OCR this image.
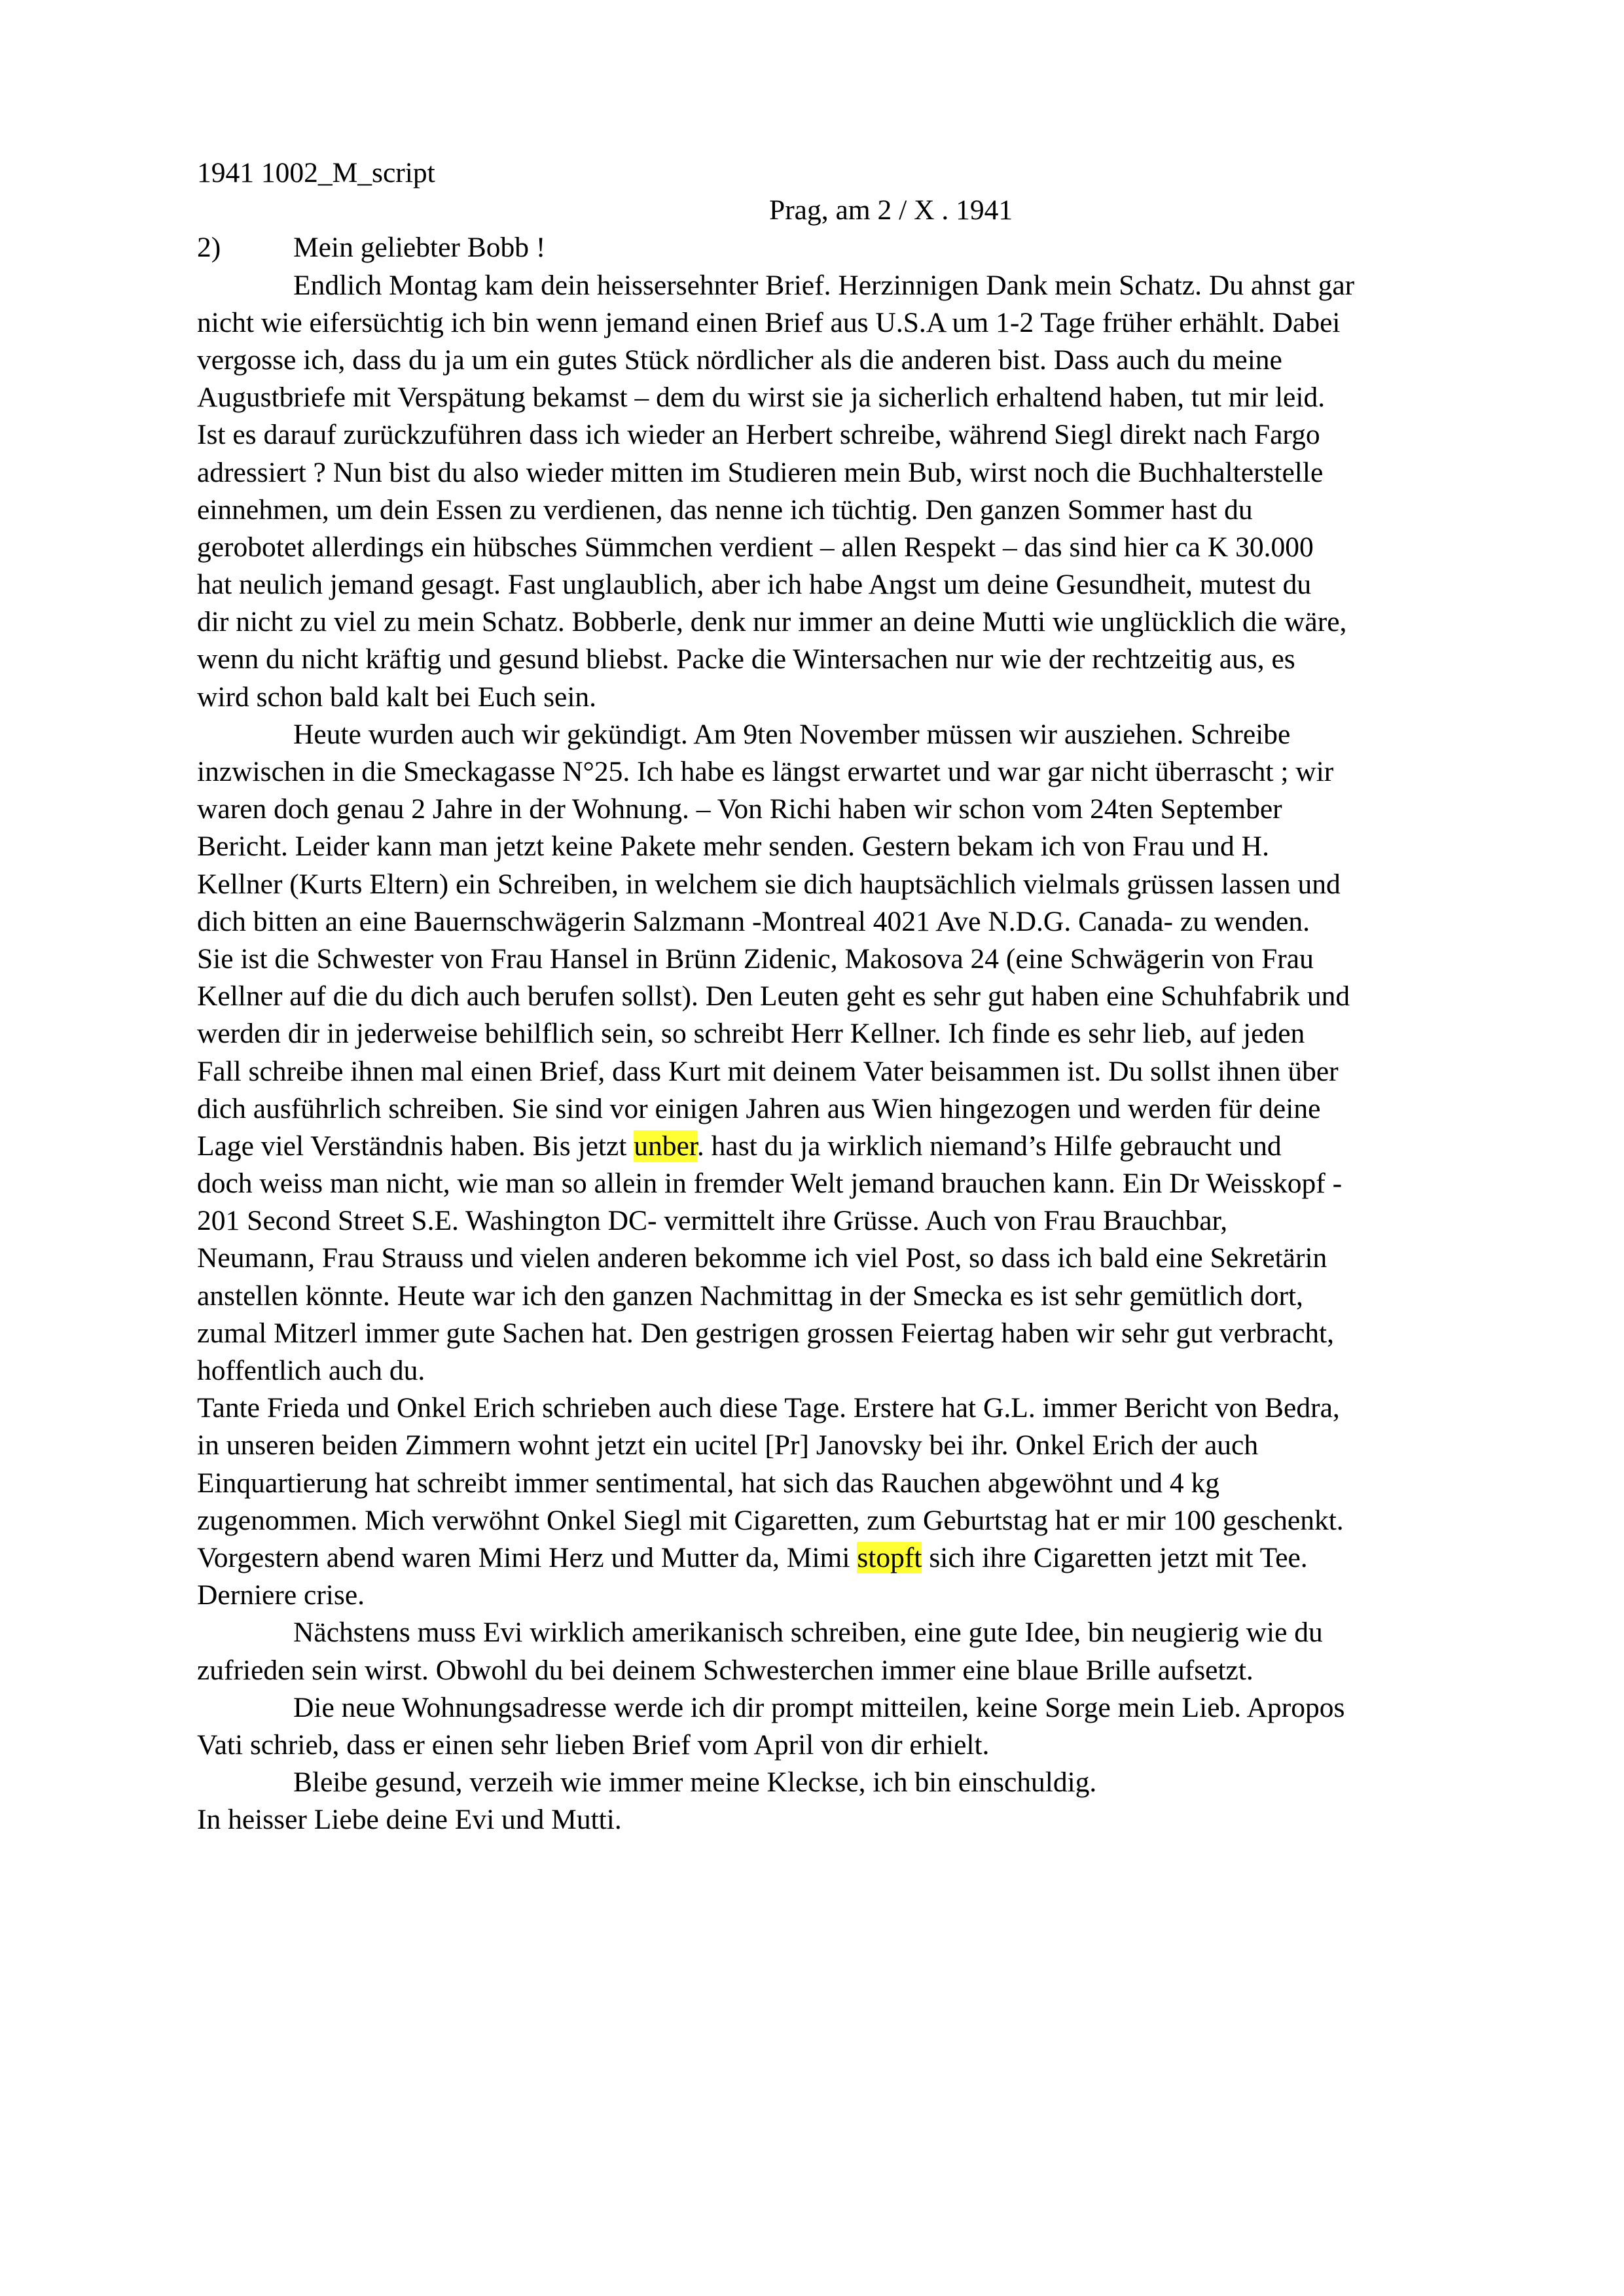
1941 1002_M_script
Prag, am 2 / X . 1941
2)	Mein geliebter Bobb !
Endlich Montag kam dein heissersehnter Brief. Herzinnigen Dank mein Schatz. Du ahnst gar
nicht wie eifersüchtig ich bin wenn jemand einen Brief aus U.S.A um 1-2 Tage früher erhählt. Dabei
vergosse ich, dass du ja um ein gutes Stück nördlicher als die anderen bist. Dass auch du meine
Augustbriefe mit Verspätung bekamst – dem du wirst sie ja sicherlich erhaltend haben, tut mir leid.
Ist es darauf zurückzuführen dass ich wieder an Herbert schreibe, während Siegl direkt nach Fargo
adressiert ? Nun bist du also wieder mitten im Studieren mein Bub, wirst noch die Buchhalterstelle
einnehmen, um dein Essen zu verdienen, das nenne ich tüchtig. Den ganzen Sommer hast du
gerobotet allerdings ein hübsches Sümmchen verdient – allen Respekt – das sind hier ca K 30.000
hat neulich jemand gesagt. Fast unglaublich, aber ich habe Angst um deine Gesundheit, mutest du
dir nicht zu viel zu mein Schatz. Bobberle, denk nur immer an deine Mutti wie unglücklich die wäre,
wenn du nicht kräftig und gesund bliebst. Packe die Wintersachen nur wie der rechtzeitig aus, es
wird schon bald kalt bei Euch sein.
Heute wurden auch wir gekündigt. Am 9ten November müssen wir ausziehen. Schreibe
inzwischen in die Smeckagasse N°25. Ich habe es längst erwartet und war gar nicht überrascht ; wir
waren doch genau 2 Jahre in der Wohnung. – Von Richi haben wir schon vom 24ten September
Bericht. Leider kann man jetzt keine Pakete mehr senden. Gestern bekam ich von Frau und H.
Kellner (Kurts Eltern) ein Schreiben, in welchem sie dich hauptsächlich vielmals grüssen lassen und
dich bitten an eine Bauernschwägerin Salzmann -Montreal 4021 Ave N.D.G. Canada- zu wenden.
Sie ist die Schwester von Frau Hansel in Brünn Zidenic, Makosova 24 (eine Schwägerin von Frau
Kellner auf die du dich auch berufen sollst). Den Leuten geht es sehr gut haben eine Schuhfabrik und
werden dir in jederweise behilflich sein, so schreibt Herr Kellner. Ich finde es sehr lieb, auf jeden
Fall schreibe ihnen mal einen Brief, dass Kurt mit deinem Vater beisammen ist. Du sollst ihnen über
dich ausführlich schreiben. Sie sind vor einigen Jahren aus Wien hingezogen und werden für deine
Lage viel Verständnis haben. Bis jetzt unber. hast du ja wirklich niemand’s Hilfe gebraucht und
doch weiss man nicht, wie man so allein in fremder Welt jemand brauchen kann. Ein Dr Weisskopf -
201 Second Street S.E. Washington DC- vermittelt ihre Grüsse. Auch von Frau Brauchbar,
Neumann, Frau Strauss und vielen anderen bekomme ich viel Post, so dass ich bald eine Sekretärin
anstellen könnte. Heute war ich den ganzen Nachmittag in der Smecka es ist sehr gemütlich dort,
zumal Mitzerl immer gute Sachen hat. Den gestrigen grossen Feiertag haben wir sehr gut verbracht,
hoffentlich auch du.
Tante Frieda und Onkel Erich schrieben auch diese Tage. Erstere hat G.L. immer Bericht von Bedra,
in unseren beiden Zimmern wohnt jetzt ein ucitel [Pr] Janovsky bei ihr. Onkel Erich der auch
Einquartierung hat schreibt immer sentimental, hat sich das Rauchen abgewöhnt und 4 kg
zugenommen. Mich verwöhnt Onkel Siegl mit Cigaretten, zum Geburtstag hat er mir 100 geschenkt.
Vorgestern abend waren Mimi Herz und Mutter da, Mimi stopft sich ihre Cigaretten jetzt mit Tee.
Derniere crise.
Nächstens muss Evi wirklich amerikanisch schreiben, eine gute Idee, bin neugierig wie du
zufrieden sein wirst. Obwohl du bei deinem Schwesterchen immer eine blaue Brille aufsetzt.
Die neue Wohnungsadresse werde ich dir prompt mitteilen, keine Sorge mein Lieb. Apropos
Vati schrieb, dass er einen sehr lieben Brief vom April von dir erhielt.
Bleibe gesund, verzeih wie immer meine Kleckse, ich bin einschuldig.
In heisser Liebe deine Evi und Mutti.
